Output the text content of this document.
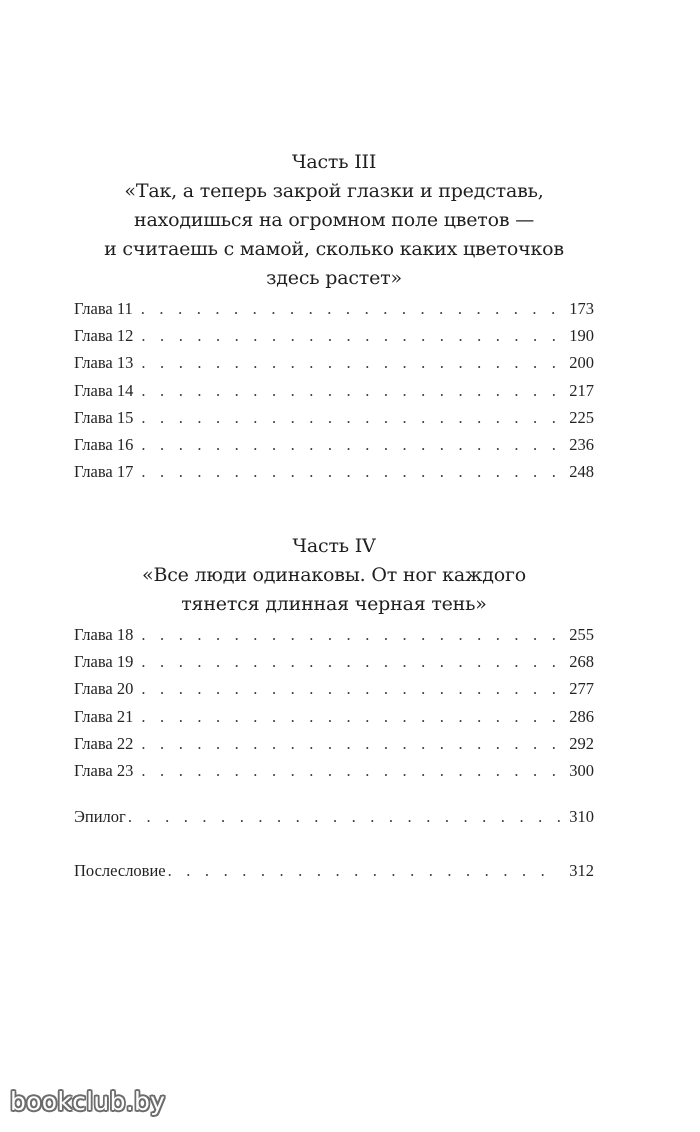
Часть III
«Так, а теперь закрой глазки и представь,
находишься на огромном поле цветов —
и считаешь с мамой, сколько каких цветочков
здесь растет»
Глава 11 . . .	173
Глава 12 . . .	190
Глава 13 . . .	200
Глава 14 . . .	217
Глава 15 . . .	225
Глава 16 . . .	236
Глава 17 . . .	248
Часть IV
«Все люди одинаковы. От ног каждого
тянется длинная черная тень»
Глава 18 . . .	255
Глава 19 . . .	268
Глава 20 . . .	277
Глава 21 . . .	286
Глава 22 . . .	292
Глава 23 . . .	300
Эпилог . . .	310
Послесловие . . .	312
bookclub.by
